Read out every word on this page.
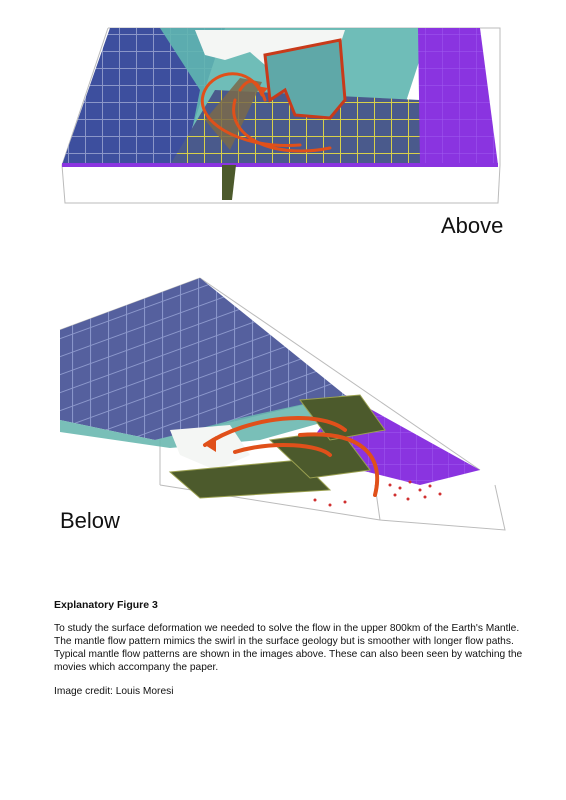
Above

Below

Explanatory Figure 3

To study the surface deformation we needed to solve the flow in the upper 800km of the Earth's Mantle. The mantle flow pattern mimics the swirl in the surface geology but is smoother with longer flow paths. Typical mantle flow patterns are shown in the images above. These can also been seen by watching the movies which accompany the paper.

Image credit: Louis Moresi
